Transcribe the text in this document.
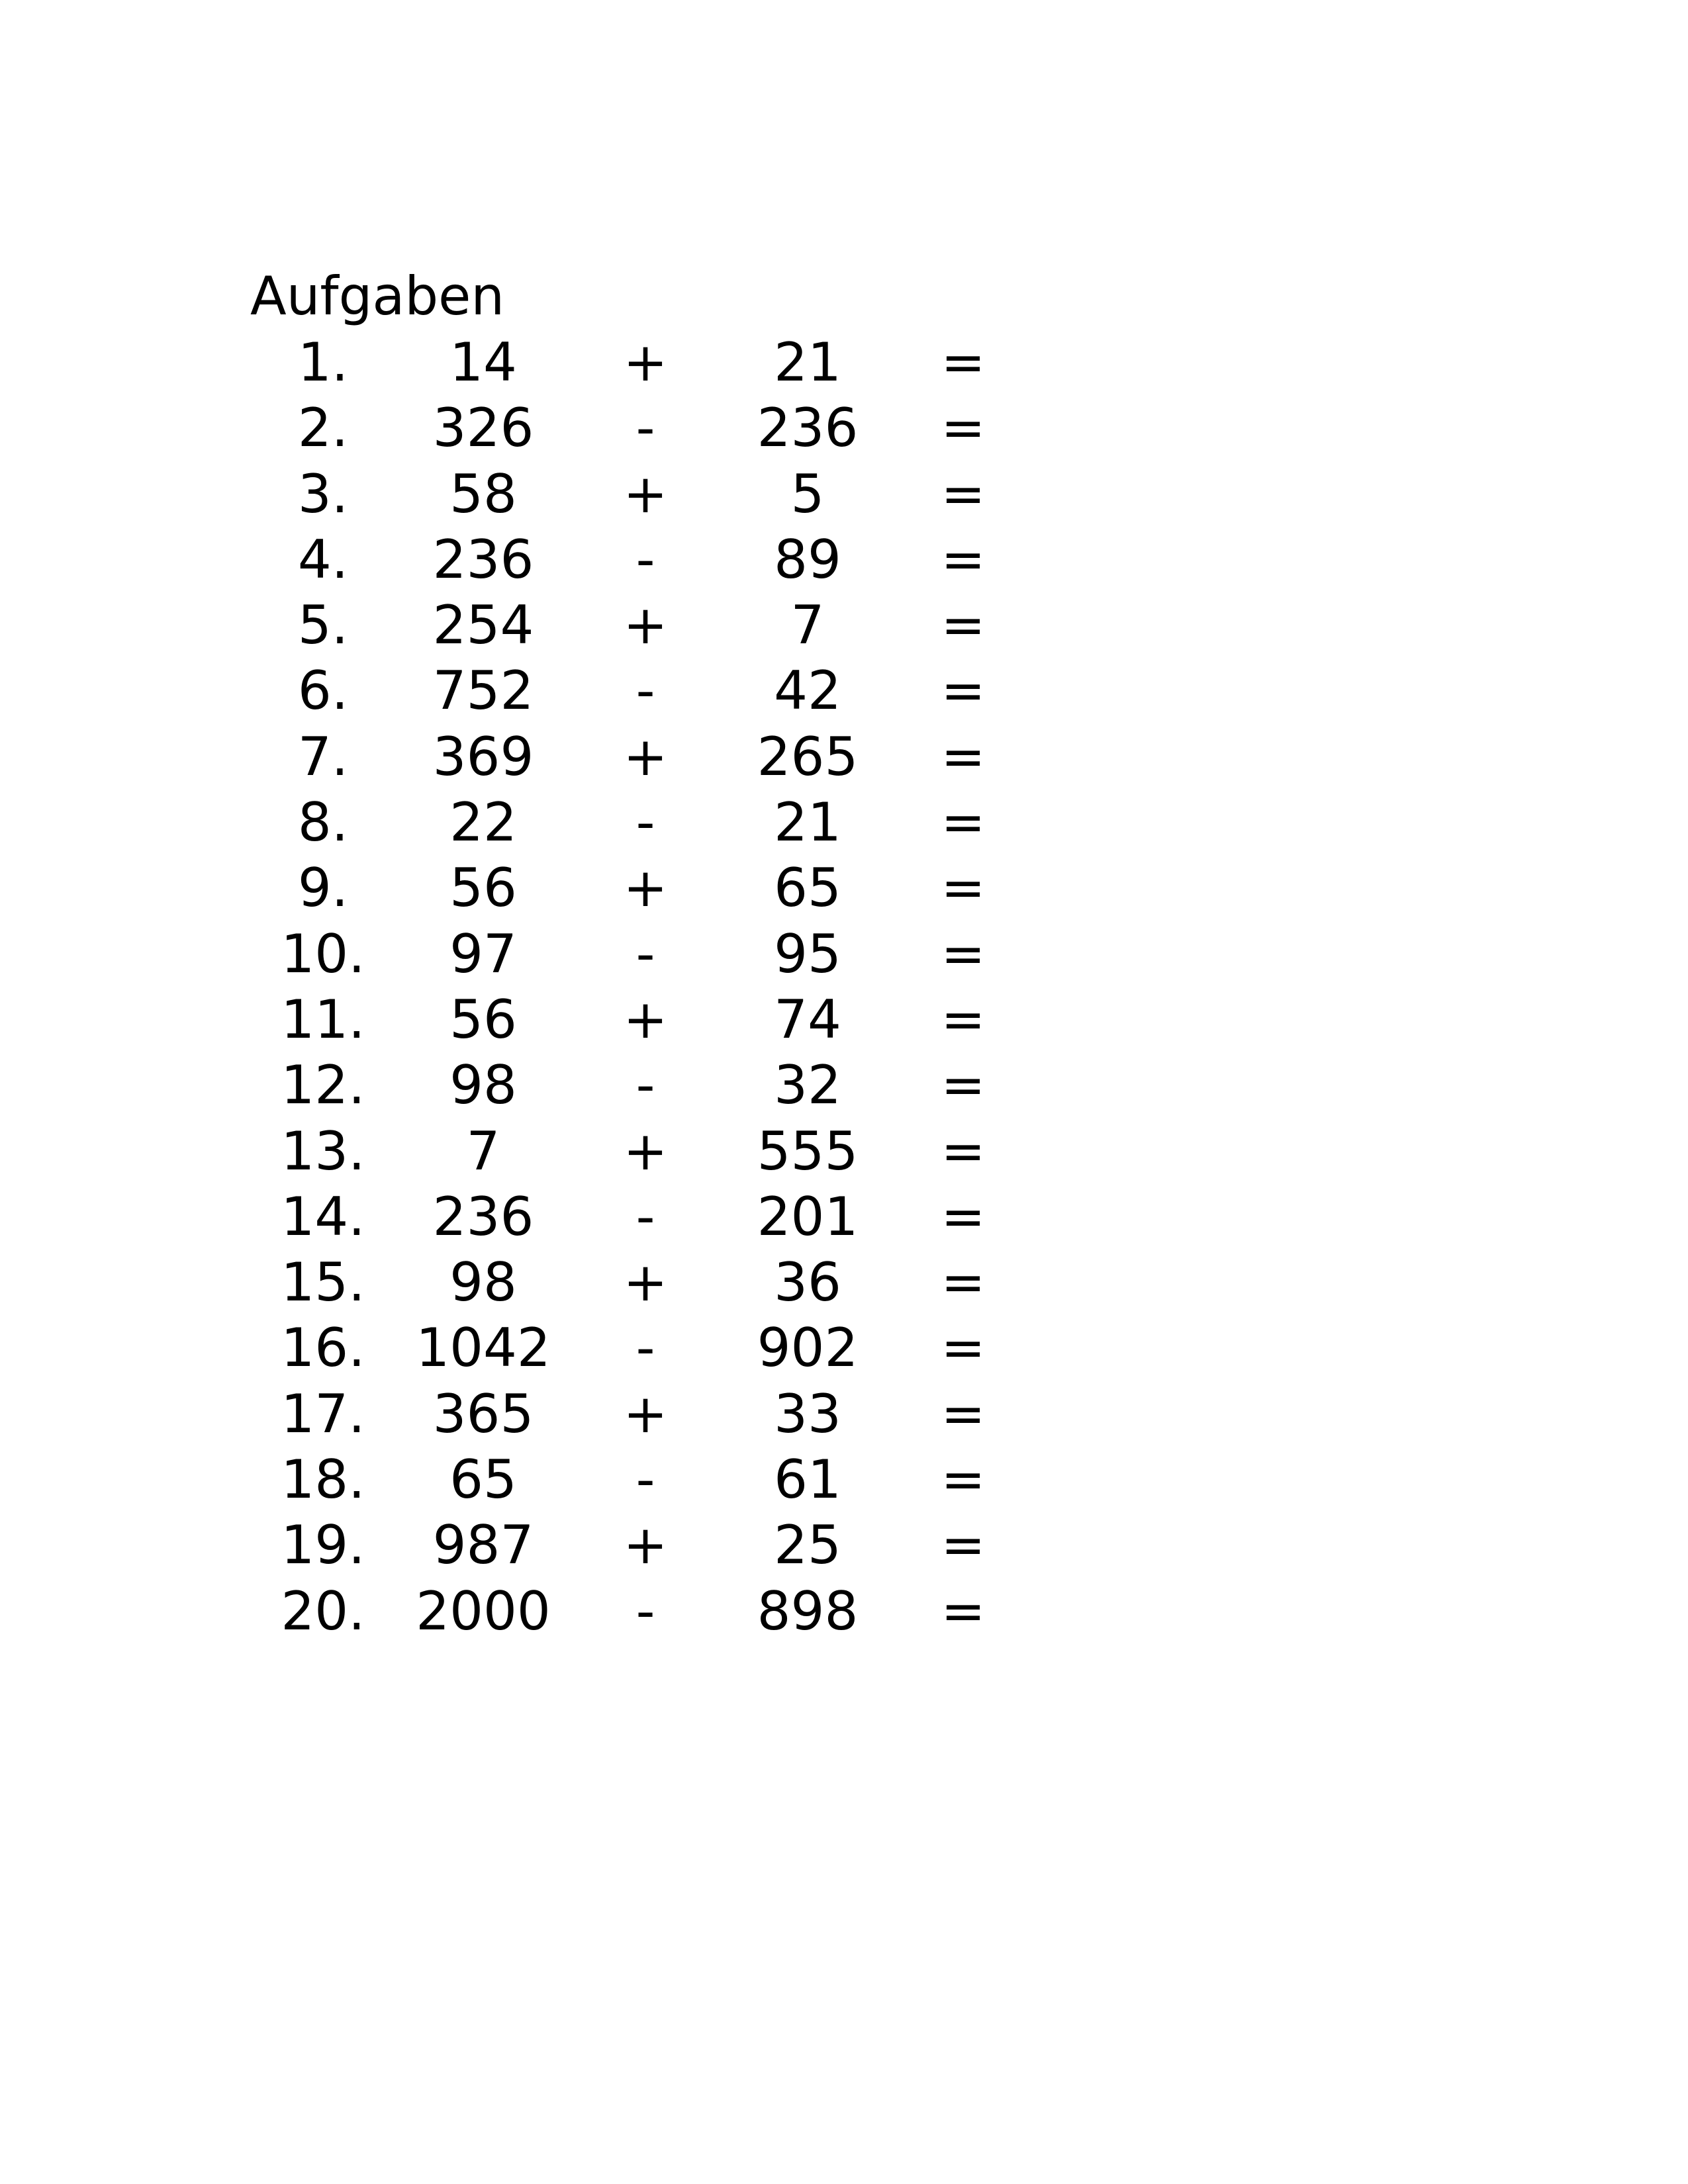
Aufgaben
1.	14	+	21	=
2.	326	-	236	=
3.	58	+	5	=
4.	236	-	89	=
5.	254	+	7	=
6.	752	-	42	=
7.	369	+	265	=
8.	22	-	21	=
9.	56	+	65	=
10.	97	-	95	=
11.	56	+	74	=
12.	98	-	32	=
13.	7	+	555	=
14.	236	-	201	=
15.	98	+	36	=
16. 1042	-	902	=
17.	365	+	33	=
18.	65	-	61	=
19.	987	+	25	=
20. 2000	-	898	=
